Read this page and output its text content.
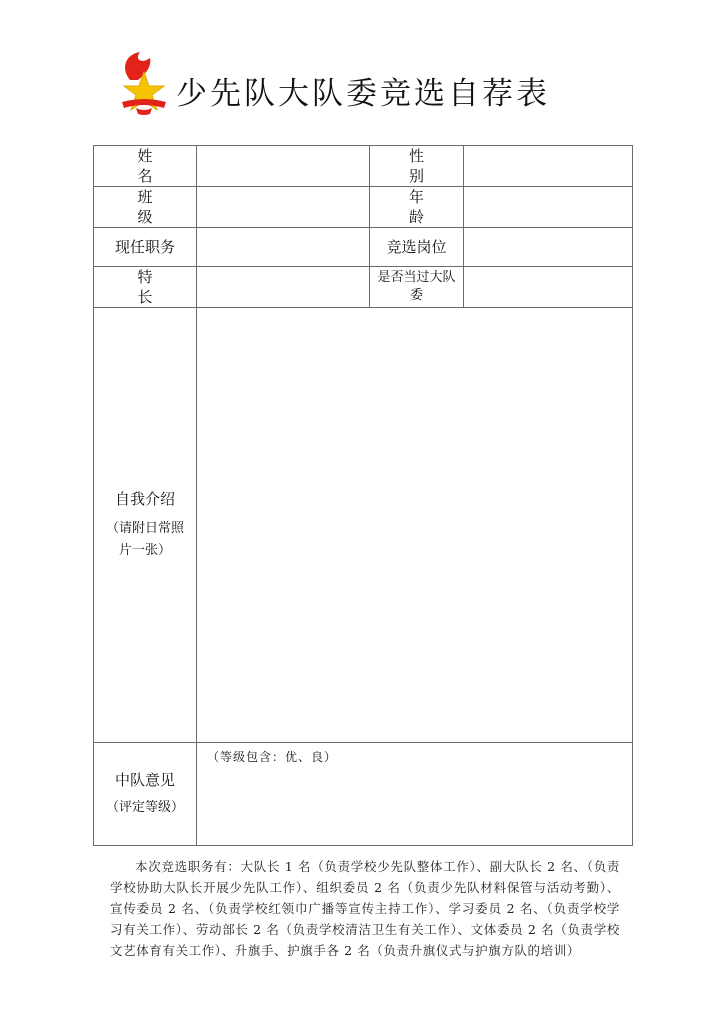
少先队大队委竞选自荐表
姓名		性别	
班级		年龄	
现任职务		竞选岗位	
特长		是否当过大队委	

自我介绍
（请附日常照片一张）			

中队意见
（评定等级）	（等级包含：优、良）		
本次竞选职务有：大队长 1 名（负责学校少先队整体工作）、副大队长 2 名、（负责学校协助大队长开展少先队工作）、组织委员 2 名（负责少先队材料保管与活动考勤）、宣传委员 2 名、（负责学校红领巾广播等宣传主持工作）、学习委员 2 名、（负责学校学习有关工作）、劳动部长 2 名（负责学校清洁卫生有关工作）、文体委员 2 名（负责学校文艺体育有关工作）、升旗手、护旗手各 2 名（负责升旗仪式与护旗方队的培训）
